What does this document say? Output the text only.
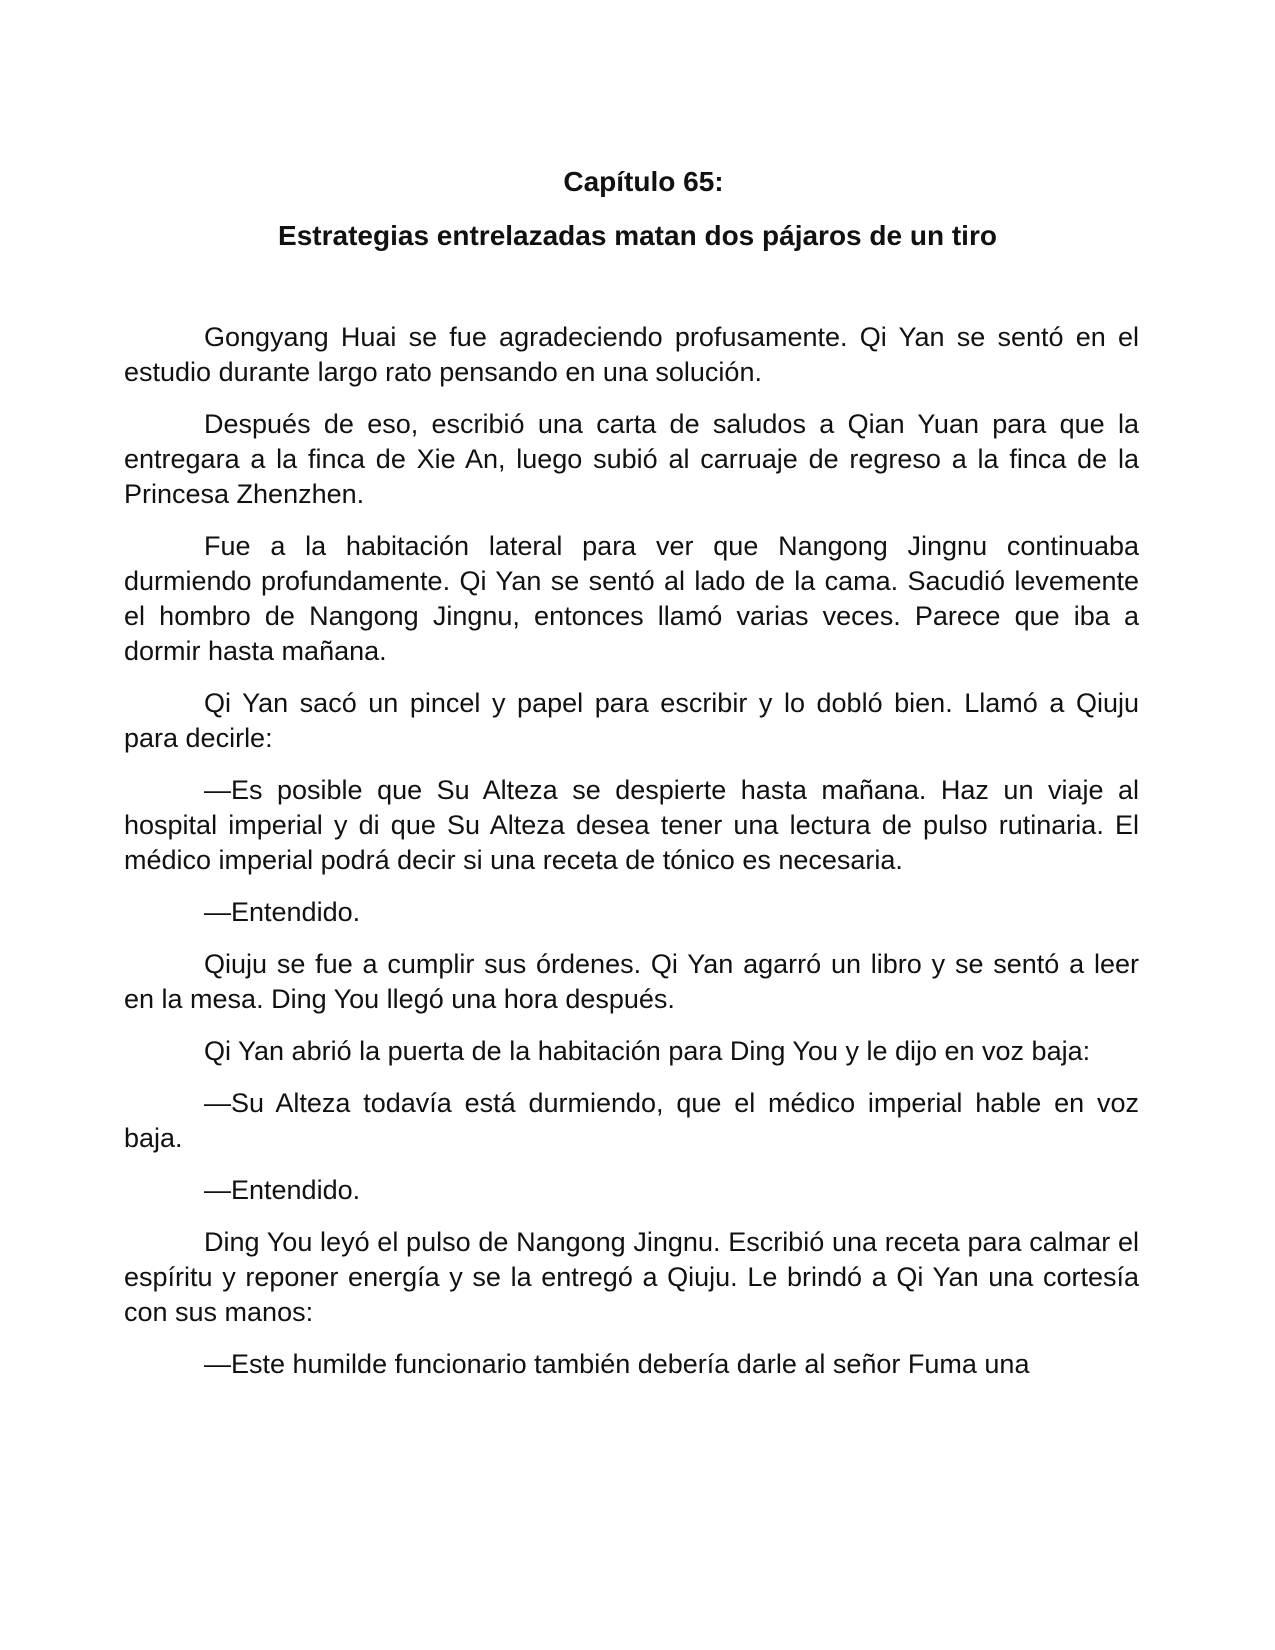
Capítulo 65:
Estrategias entrelazadas matan dos pájaros de un tiro

Gongyang Huai se fue agradeciendo profusamente. Qi Yan se sentó en el estudio durante largo rato pensando en una solución.

Después de eso, escribió una carta de saludos a Qian Yuan para que la entregara a la finca de Xie An, luego subió al carruaje de regreso a la finca de la Princesa Zhenzhen.

Fue a la habitación lateral para ver que Nangong Jingnu continuaba durmiendo profundamente. Qi Yan se sentó al lado de la cama. Sacudió levemente el hombro de Nangong Jingnu, entonces llamó varias veces. Parece que iba a dormir hasta mañana.

Qi Yan sacó un pincel y papel para escribir y lo dobló bien. Llamó a Qiuju para decirle:

—Es posible que Su Alteza se despierte hasta mañana. Haz un viaje al hospital imperial y di que Su Alteza desea tener una lectura de pulso rutinaria. El médico imperial podrá decir si una receta de tónico es necesaria.

—Entendido.

Qiuju se fue a cumplir sus órdenes. Qi Yan agarró un libro y se sentó a leer en la mesa. Ding You llegó una hora después.

Qi Yan abrió la puerta de la habitación para Ding You y le dijo en voz baja:

—Su Alteza todavía está durmiendo, que el médico imperial hable en voz baja.

—Entendido.

Ding You leyó el pulso de Nangong Jingnu. Escribió una receta para calmar el espíritu y reponer energía y se la entregó a Qiuju. Le brindó a Qi Yan una cortesía con sus manos:

—Este humilde funcionario también debería darle al señor Fuma una
